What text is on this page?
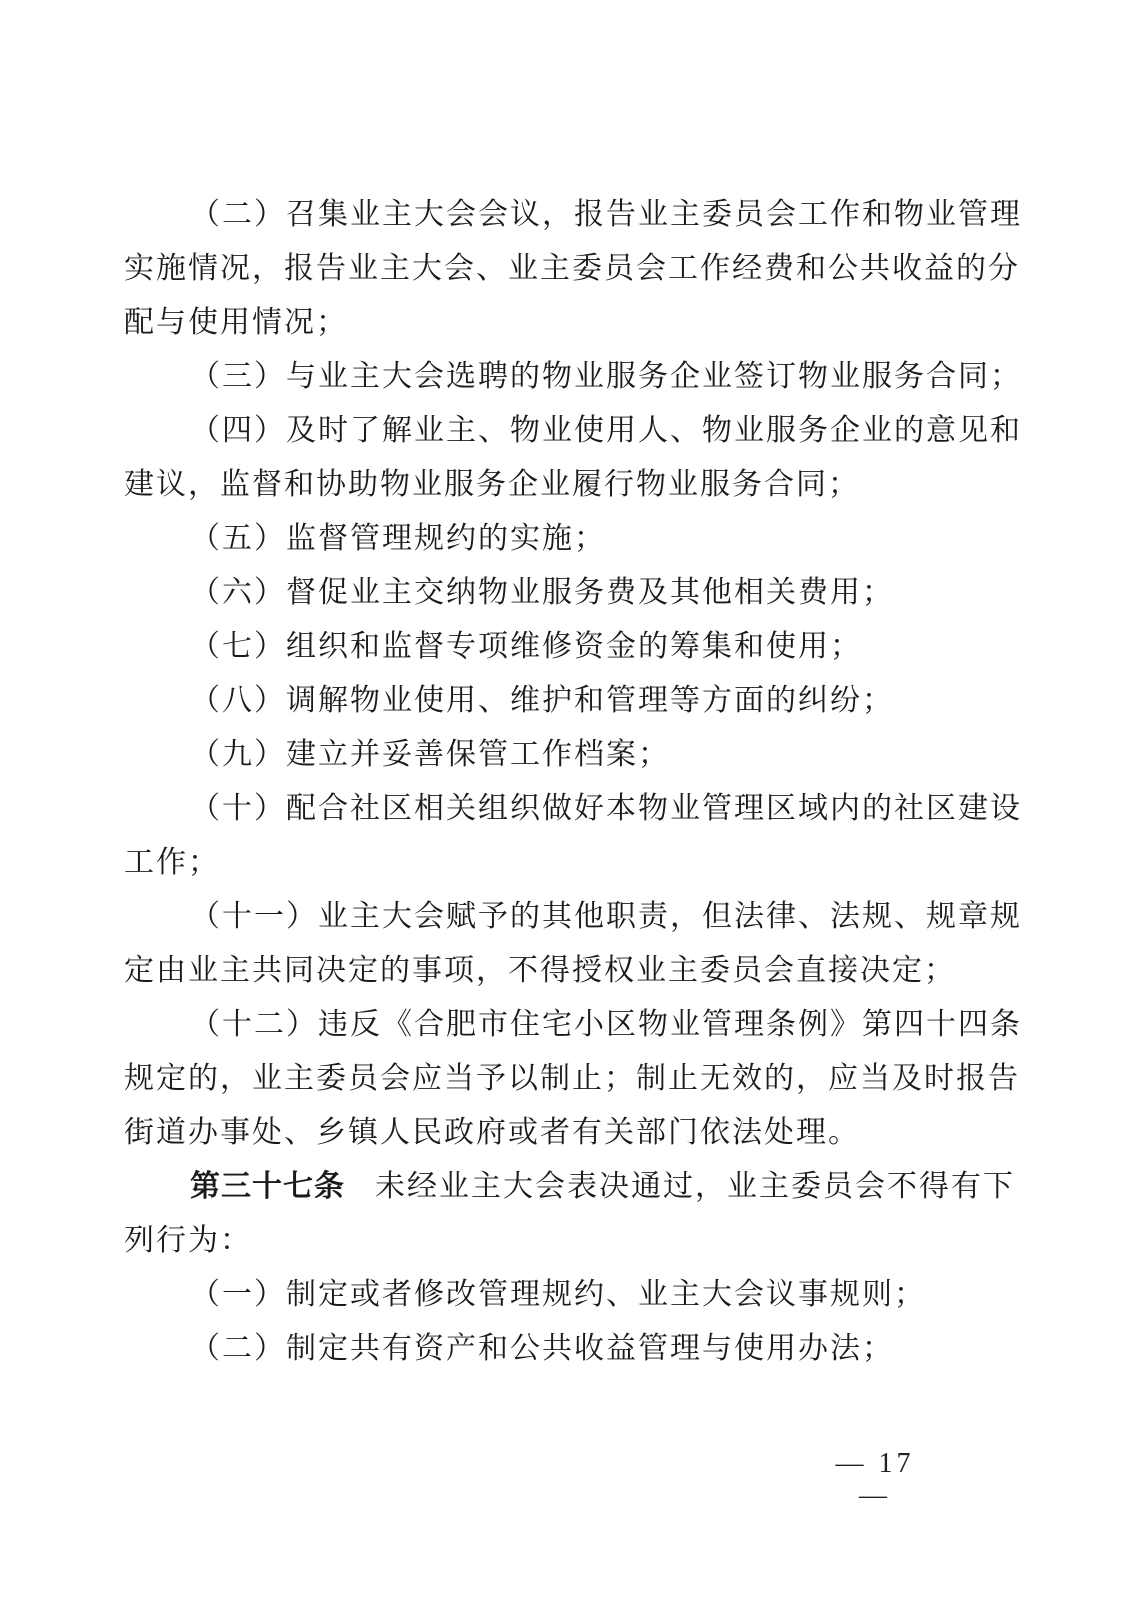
（二）召集业主大会会议，报告业主委员会工作和物业管理
实施情况，报告业主大会、业主委员会工作经费和公共收益的分
配与使用情况；
（三）与业主大会选聘的物业服务企业签订物业服务合同；
（四）及时了解业主、物业使用人、物业服务企业的意见和
建议，监督和协助物业服务企业履行物业服务合同；
（五）监督管理规约的实施；
（六）督促业主交纳物业服务费及其他相关费用；
（七）组织和监督专项维修资金的筹集和使用；
（八）调解物业使用、维护和管理等方面的纠纷；
（九）建立并妥善保管工作档案；
（十）配合社区相关组织做好本物业管理区域内的社区建设
工作；
（十一）业主大会赋予的其他职责，但法律、法规、规章规
定由业主共同决定的事项，不得授权业主委员会直接决定；
（十二）违反《合肥市住宅小区物业管理条例》第四十四条
规定的，业主委员会应当予以制止；制止无效的，应当及时报告
街道办事处、乡镇人民政府或者有关部门依法处理。
第三十七条 未经业主大会表决通过，业主委员会不得有下
列行为：
（一）制定或者修改管理规约、业主大会议事规则；
（二）制定共有资产和公共收益管理与使用办法；
— 17 —
